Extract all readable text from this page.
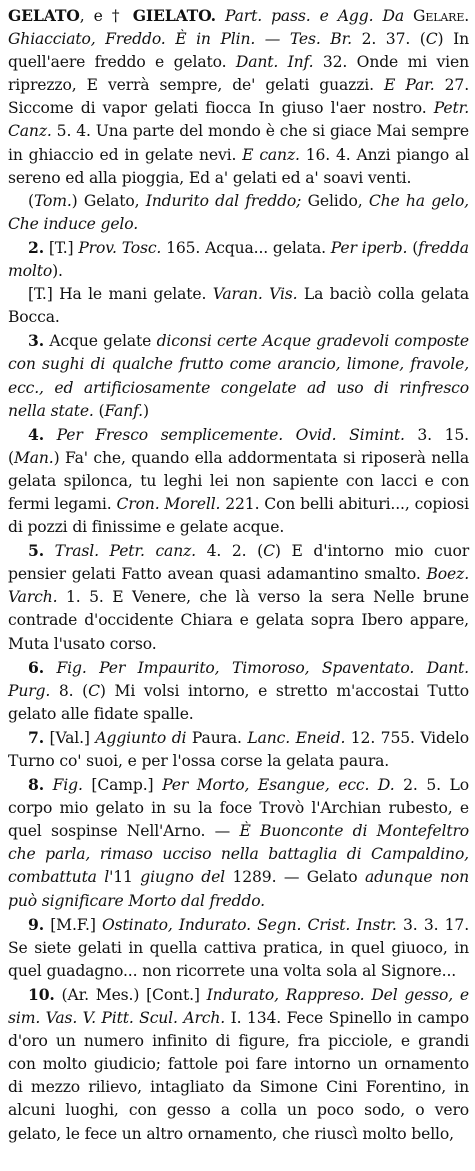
GELATO, e † GIELATO. Part. pass. e Agg. Da Gelare. Ghiacciato, Freddo. È in Plin. — Tes. Br. 2. 37. (C) In quell'aere freddo e gelato. Dant. Inf. 32. Onde mi vien riprezzo, E verrà sempre, de' gelati guazzi. E Par. 27. Siccome di vapor gelati fiocca In giuso l'aer nostro. Petr. Canz. 5. 4. Una parte del mondo è che si giace Mai sempre in ghiaccio ed in gelate nevi. E canz. 16. 4. Anzi piango al sereno ed alla pioggia, Ed a' gelati ed a' soavi venti.

(Tom.) Gelato, Indurito dal freddo; Gelido, Che ha gelo, Che induce gelo.

2. [T.] Prov. Tosc. 165. Acqua... gelata. Per iperb. (fredda molto).

[T.] Ha le mani gelate. Varan. Vis. La baciò colla gelata Bocca.

3. Acque gelate diconsi certe Acque gradevoli composte con sughi di qualche frutto come arancio, limone, fravole, ecc., ed artificiosamente congelate ad uso di rinfresco nella state. (Fanf.)

4. Per Fresco semplicemente. Ovid. Simint. 3. 15. (Man.) Fa' che, quando ella addormentata si riposerà nella gelata spilonca, tu leghi lei non sapiente con lacci e con fermi legami. Cron. Morell. 221. Con belli abituri..., copiosi di pozzi di finissime e gelate acque.

5. Trasl. Petr. canz. 4. 2. (C) E d'intorno mio cuor pensier gelati Fatto avean quasi adamantino smalto. Boez. Varch. 1. 5. E Venere, che là verso la sera Nelle brune contrade d'occidente Chiara e gelata sopra Ibero appare, Muta l'usato corso.

6. Fig. Per Impaurito, Timoroso, Spaventato. Dant. Purg. 8. (C) Mi volsi intorno, e stretto m'accostai Tutto gelato alle fidate spalle.

7. [Val.] Aggiunto di Paura. Lanc. Eneid. 12. 755. Videlo Turno co' suoi, e per l'ossa corse la gelata paura.

8. Fig. [Camp.] Per Morto, Esangue, ecc. D. 2. 5. Lo corpo mio gelato in su la foce Trovò l'Archian rubesto, e quel sospinse Nell'Arno. — È Buonconte di Montefeltro che parla, rimaso ucciso nella battaglia di Campaldino, combattuta l'11 giugno del 1289. — Gelato adunque non può significare Morto dal freddo.

9. [M.F.] Ostinato, Indurato. Segn. Crist. Instr. 3. 3. 17. Se siete gelati in quella cattiva pratica, in quel giuoco, in quel guadagno... non ricorrete una volta sola al Signore...

10. (Ar. Mes.) [Cont.] Indurato, Rappreso. Del gesso, e sim. Vas. V. Pitt. Scul. Arch. I. 134. Fece Spinello in campo d'oro un numero infinito di figure, fra picciole, e grandi con molto giudicio; fattole poi fare intorno un ornamento di mezzo rilievo, intagliato da Simone Cini Forentino, in alcuni luoghi, con gesso a colla un poco sodo, o vero gelato, le fece un altro ornamento, che riuscì molto bello,
